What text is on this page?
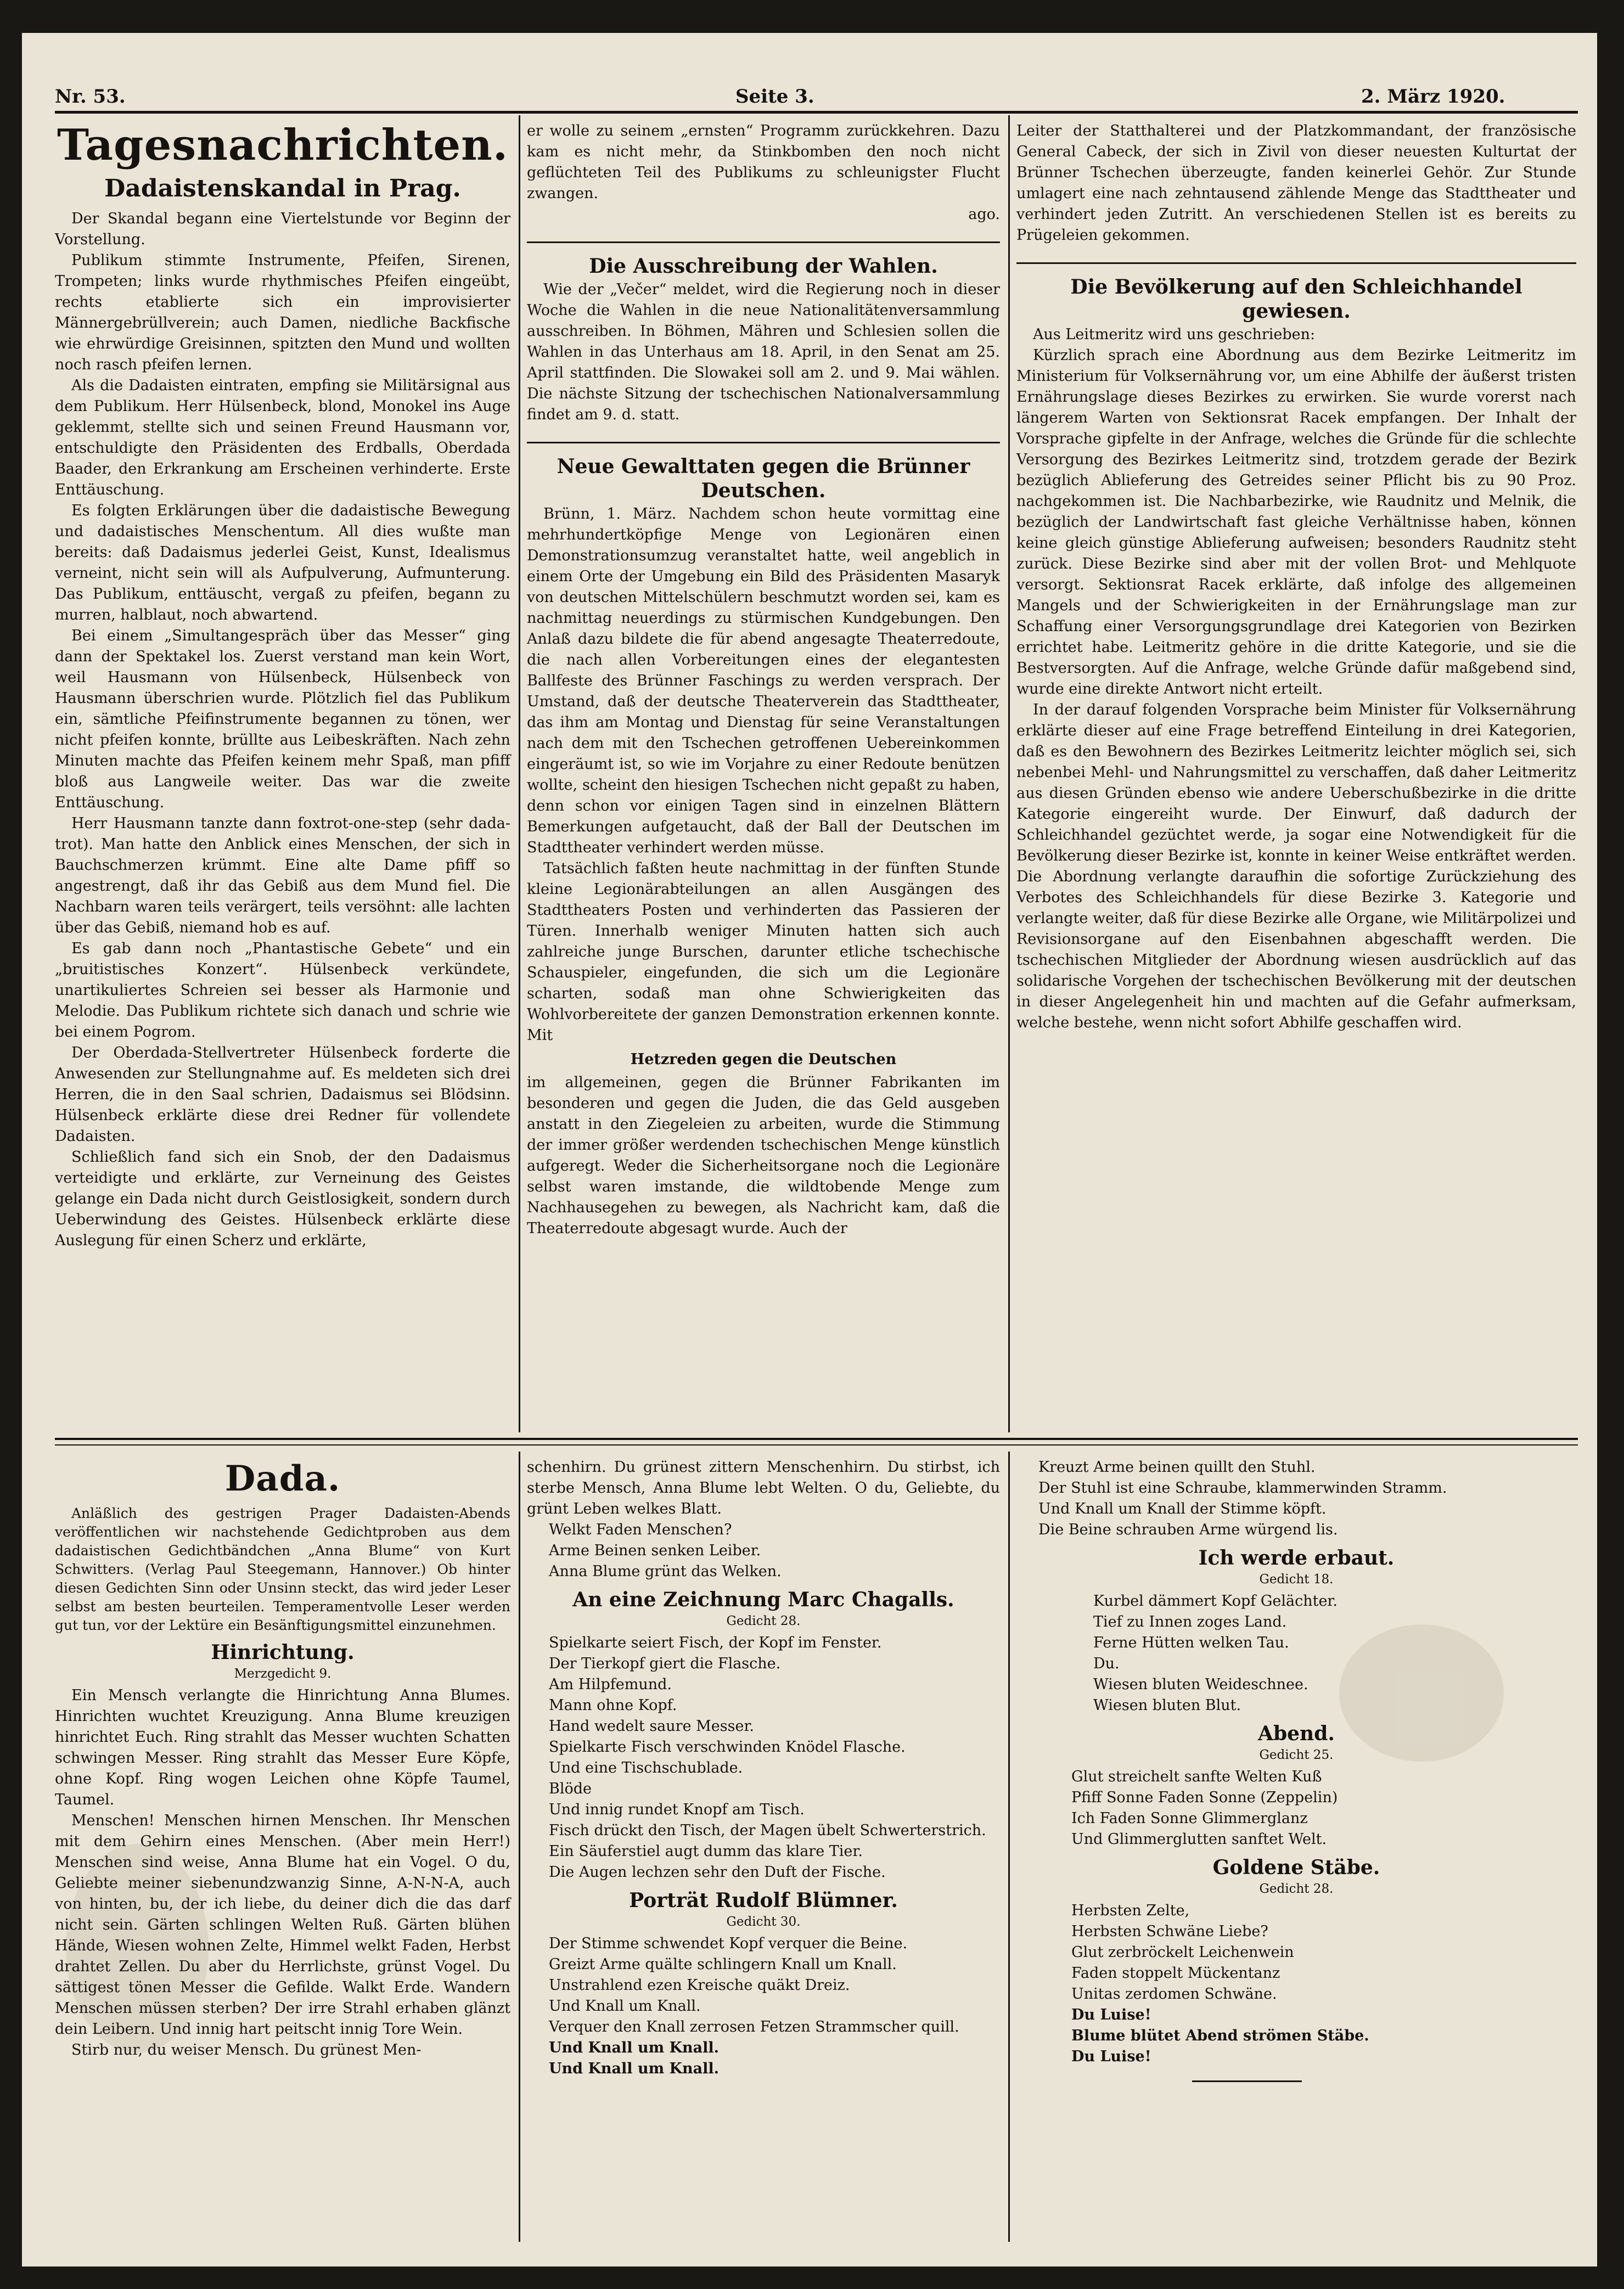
Nr. 53.	Seite 3.	2. März 1920.
Tagesnachrichten.
Dadaistenskandal in Prag.

Der Skandal begann eine Viertelstunde vor Beginn der Vorstellung.

Publikum stimmte Instrumente, Pfeifen, Sirenen, Trompeten; links wurde rhythmisches Pfeifen eingeübt, rechts etablierte sich ein improvisierter Männergebrüllverein; auch Damen, niedliche Backfische wie ehrwürdige Greisinnen, spitzten den Mund und wollten noch rasch pfeifen lernen.

Als die Dadaisten eintraten, empfing sie Militärsignal aus dem Publikum. Herr Hülsenbeck, blond, Monokel ins Auge geklemmt, stellte sich und seinen Freund Hausmann vor, entschuldigte den Präsidenten des Erdballs, Oberdada Baader, den Erkrankung am Erscheinen verhinderte. Erste Enttäuschung.

Es folgten Erklärungen über die dadaistische Bewegung und dadaistisches Menschentum. All dies wußte man bereits: daß Dadaismus jederlei Geist, Kunst, Idealismus verneint, nicht sein will als Aufpulverung, Aufmunterung. Das Publikum, enttäuscht, vergaß zu pfeifen, begann zu murren, halblaut, noch abwartend.

Bei einem „Simultangespräch über das Messer“ ging dann der Spektakel los. Zuerst verstand man kein Wort, weil Hausmann von Hülsenbeck, Hülsenbeck von Hausmann überschrien wurde. Plötzlich fiel das Publikum ein, sämtliche Pfeifinstrumente begannen zu tönen, wer nicht pfeifen konnte, brüllte aus Leibeskräften. Nach zehn Minuten machte das Pfeifen keinem mehr Spaß, man pfiff bloß aus Langweile weiter. Das war die zweite Enttäuschung.

Herr Hausmann tanzte dann foxtrot-one-step (sehr dada-trot). Man hatte den Anblick eines Menschen, der sich in Bauchschmerzen krümmt. Eine alte Dame pfiff so angestrengt, daß ihr das Gebiß aus dem Mund fiel. Die Nachbarn waren teils verärgert, teils versöhnt: alle lachten über das Gebiß, niemand hob es auf.

Es gab dann noch „Phantastische Gebete“ und ein „bruitistisches Konzert“. Hülsenbeck verkündete, unartikuliertes Schreien sei besser als Harmonie und Melodie. Das Publikum richtete sich danach und schrie wie bei einem Pogrom.

Der Oberdada-Stellvertreter Hülsenbeck forderte die Anwesenden zur Stellungnahme auf. Es meldeten sich drei Herren, die in den Saal schrien, Dadaismus sei Blödsinn. Hülsenbeck erklärte diese drei Redner für vollendete Dadaisten.

Schließlich fand sich ein Snob, der den Dadaismus verteidigte und erklärte, zur Verneinung des Geistes gelange ein Dada nicht durch Geistlosigkeit, sondern durch Ueberwindung des Geistes. Hülsenbeck erklärte diese Auslegung für einen Scherz und erklärte,

er wolle zu seinem „ernsten“ Programm zurückkehren. Dazu kam es nicht mehr, da Stinkbomben den noch nicht geflüchteten Teil des Publikums zu schleunigster Flucht zwangen.

ago.
Die Ausschreibung der Wahlen.

Wie der „Večer“ meldet, wird die Regierung noch in dieser Woche die Wahlen in die neue Nationalitätenversammlung ausschreiben. In Böhmen, Mähren und Schlesien sollen die Wahlen in das Unterhaus am 18. April, in den Senat am 25. April stattfinden. Die Slowakei soll am 2. und 9. Mai wählen. Die nächste Sitzung der tschechischen Nationalversammlung findet am 9. d. statt.

Neue Gewalttaten gegen die Brünner Deutschen.

Brünn, 1. März. Nachdem schon heute vormittag eine mehrhundertköpfige Menge von Legionären einen Demonstrationsumzug veranstaltet hatte, weil angeblich in einem Orte der Umgebung ein Bild des Präsidenten Masaryk von deutschen Mittelschülern beschmutzt worden sei, kam es nachmittag neuerdings zu stürmischen Kundgebungen. Den Anlaß dazu bildete die für abend angesagte Theaterredoute, die nach allen Vorbereitungen eines der elegantesten Ballfeste des Brünner Faschings zu werden versprach. Der Umstand, daß der deutsche Theaterverein das Stadttheater, das ihm am Montag und Dienstag für seine Veranstaltungen nach dem mit den Tschechen getroffenen Uebereinkommen eingeräumt ist, so wie im Vorjahre zu einer Redoute benützen wollte, scheint den hiesigen Tschechen nicht gepaßt zu haben, denn schon vor einigen Tagen sind in einzelnen Blättern Bemerkungen aufgetaucht, daß der Ball der Deutschen im Stadttheater verhindert werden müsse.

Tatsächlich faßten heute nachmittag in der fünften Stunde kleine Legionärabteilungen an allen Ausgängen des Stadttheaters Posten und verhinderten das Passieren der Türen. Innerhalb weniger Minuten hatten sich auch zahlreiche junge Burschen, darunter etliche tschechische Schauspieler, eingefunden, die sich um die Legionäre scharten, sodaß man ohne Schwierigkeiten das Wohlvorbereitete der ganzen Demonstration erkennen konnte. Mit

Hetzreden gegen die Deutschen

im allgemeinen, gegen die Brünner Fabrikanten im besonderen und gegen die Juden, die das Geld ausgeben anstatt in den Ziegeleien zu arbeiten, wurde die Stimmung der immer größer werdenden tschechischen Menge künstlich aufgeregt. Weder die Sicherheitsorgane noch die Legionäre selbst waren imstande, die wildtobende Menge zum Nachhausegehen zu bewegen, als Nachricht kam, daß die Theaterredoute abgesagt wurde. Auch der

Leiter der Statthalterei und der Platzkommandant, der französische General Cabeck, der sich in Zivil von dieser neuesten Kulturtat der Brünner Tschechen überzeugte, fanden keinerlei Gehör. Zur Stunde umlagert eine nach zehntausend zählende Menge das Stadttheater und verhindert jeden Zutritt. An verschiedenen Stellen ist es bereits zu Prügeleien gekommen.

Die Bevölkerung auf den Schleichhandel gewiesen.

Aus Leitmeritz wird uns geschrieben:

Kürzlich sprach eine Abordnung aus dem Bezirke Leitmeritz im Ministerium für Volksernährung vor, um eine Abhilfe der äußerst tristen Ernährungslage dieses Bezirkes zu erwirken. Sie wurde vorerst nach längerem Warten von Sektionsrat Racek empfangen. Der Inhalt der Vorsprache gipfelte in der Anfrage, welches die Gründe für die schlechte Versorgung des Bezirkes Leitmeritz sind, trotzdem gerade der Bezirk bezüglich Ablieferung des Getreides seiner Pflicht bis zu 90 Proz. nachgekommen ist. Die Nachbarbezirke, wie Raudnitz und Melnik, die bezüglich der Landwirtschaft fast gleiche Verhältnisse haben, können keine gleich günstige Ablieferung aufweisen; besonders Raudnitz steht zurück. Diese Bezirke sind aber mit der vollen Brot- und Mehlquote versorgt. Sektionsrat Racek erklärte, daß infolge des allgemeinen Mangels und der Schwierigkeiten in der Ernährungslage man zur Schaffung einer Versorgungsgrundlage drei Kategorien von Bezirken errichtet habe. Leitmeritz gehöre in die dritte Kategorie, und sie die Bestversorgten. Auf die Anfrage, welche Gründe dafür maßgebend sind, wurde eine direkte Antwort nicht erteilt.

In der darauf folgenden Vorsprache beim Minister für Volksernährung erklärte dieser auf eine Frage betreffend Einteilung in drei Kategorien, daß es den Bewohnern des Bezirkes Leitmeritz leichter möglich sei, sich nebenbei Mehl- und Nahrungsmittel zu verschaffen, daß daher Leitmeritz aus diesen Gründen ebenso wie andere Ueberschußbezirke in die dritte Kategorie eingereiht wurde. Der Einwurf, daß dadurch der Schleichhandel gezüchtet werde, ja sogar eine Notwendigkeit für die Bevölkerung dieser Bezirke ist, konnte in keiner Weise entkräftet werden. Die Abordnung verlangte daraufhin die sofortige Zurückziehung des Verbotes des Schleichhandels für diese Bezirke 3. Kategorie und verlangte weiter, daß für diese Bezirke alle Organe, wie Militärpolizei und Revisionsorgane auf den Eisenbahnen abgeschafft werden. Die tschechischen Mitglieder der Abordnung wiesen ausdrücklich auf das solidarische Vorgehen der tschechischen Bevölkerung mit der deutschen in dieser Angelegenheit hin und machten auf die Gefahr aufmerksam, welche bestehe, wenn nicht sofort Abhilfe geschaffen wird.

Dada.

Anläßlich des gestrigen Prager Dadaisten-Abends veröffentlichen wir nachstehende Gedichtproben aus dem dadaistischen Gedichtbändchen „Anna Blume“ von Kurt Schwitters. (Verlag Paul Steegemann, Hannover.) Ob hinter diesen Gedichten Sinn oder Unsinn steckt, das wird jeder Leser selbst am besten beurteilen. Temperamentvolle Leser werden gut tun, vor der Lektüre ein Besänftigungsmittel einzunehmen.

Hinrichtung.
Merzgedicht 9.

Ein Mensch verlangte die Hinrichtung Anna Blumes. Hinrichten wuchtet Kreuzigung. Anna Blume kreuzigen hinrichtet Euch. Ring strahlt das Messer wuchten Schatten schwingen Messer. Ring strahlt das Messer Eure Köpfe, ohne Kopf. Ring wogen Leichen ohne Köpfe Taumel, Taumel.

Menschen! Menschen hirnen Menschen. Ihr Menschen mit dem Gehirn eines Menschen. (Aber mein Herr!) Menschen sind weise, Anna Blume hat ein Vogel. O du, Geliebte meiner siebenundzwanzig Sinne, A-N-N-A, auch von hinten, bu, der ich liebe, du deiner dich die das darf nicht sein. Gärten schlingen Welten Ruß. Gärten blühen Hände, Wiesen wohnen Zelte, Himmel welkt Faden, Herbst drahtet Zellen. Du aber du Herrlichste, grünst Vogel. Du sättigest tönen Messer die Gefilde. Walkt Erde. Wandern Menschen müssen sterben? Der irre Strahl erhaben glänzt dein Leibern. Und innig hart peitscht innig Tore Wein.

Stirb nur, du weiser Mensch. Du grünest Men-

schenhirn. Du grünest zittern Menschenhirn. Du stirbst, ich sterbe Mensch, Anna Blume lebt Welten. O du, Geliebte, du grünt Leben welkes Blatt.

Welkt Faden Menschen?
Arme Beinen senken Leiber.
Anna Blume grünt das Welken.
An eine Zeichnung Marc Chagalls.
Gedicht 28.
Spielkarte seiert Fisch, der Kopf im Fenster.
Der Tierkopf giert die Flasche.
Am Hilpfemund.
Mann ohne Kopf.
Hand wedelt saure Messer.
Spielkarte Fisch verschwinden Knödel Flasche.
Und eine Tischschublade.
Blöde
Und innig rundet Knopf am Tisch.
Fisch drückt den Tisch, der Magen übelt Schwerterstrich.
Ein Säuferstiel augt dumm das klare Tier.
Die Augen lechzen sehr den Duft der Fische.
Porträt Rudolf Blümner.
Gedicht 30.
Der Stimme schwendet Kopf verquer die Beine.
Greizt Arme quälte schlingern Knall um Knall.
Unstrahlend ezen Kreische quäkt Dreiz.
Und Knall um Knall.
Verquer den Knall zerrosen Fetzen Strammscher quill.
Und Knall um Knall.
Und Knall um Knall.
Kreuzt Arme beinen quillt den Stuhl.
Der Stuhl ist eine Schraube, klammerwinden Stramm.
Und Knall um Knall der Stimme köpft.
Die Beine schrauben Arme würgend lis.
Ich werde erbaut.
Gedicht 18.
Kurbel dämmert Kopf Gelächter.
Tief zu Innen zoges Land.
Ferne Hütten welken Tau.
Du.
Wiesen bluten Weideschnee.
Wiesen bluten Blut.
Abend.
Gedicht 25.
Glut streichelt sanfte Welten Kuß
Pfiff Sonne Faden Sonne (Zeppelin)
Ich Faden Sonne Glimmerglanz
Und Glimmerglutten sanftet Welt.
Goldene Stäbe.
Gedicht 28.
Herbsten Zelte,
Herbsten Schwäne Liebe?
Glut zerbröckelt Leichenwein
Faden stoppelt Mückentanz
Unitas zerdomen Schwäne.
Du Luise!
Blume blütet Abend strömen Stäbe.
Du Luise!
